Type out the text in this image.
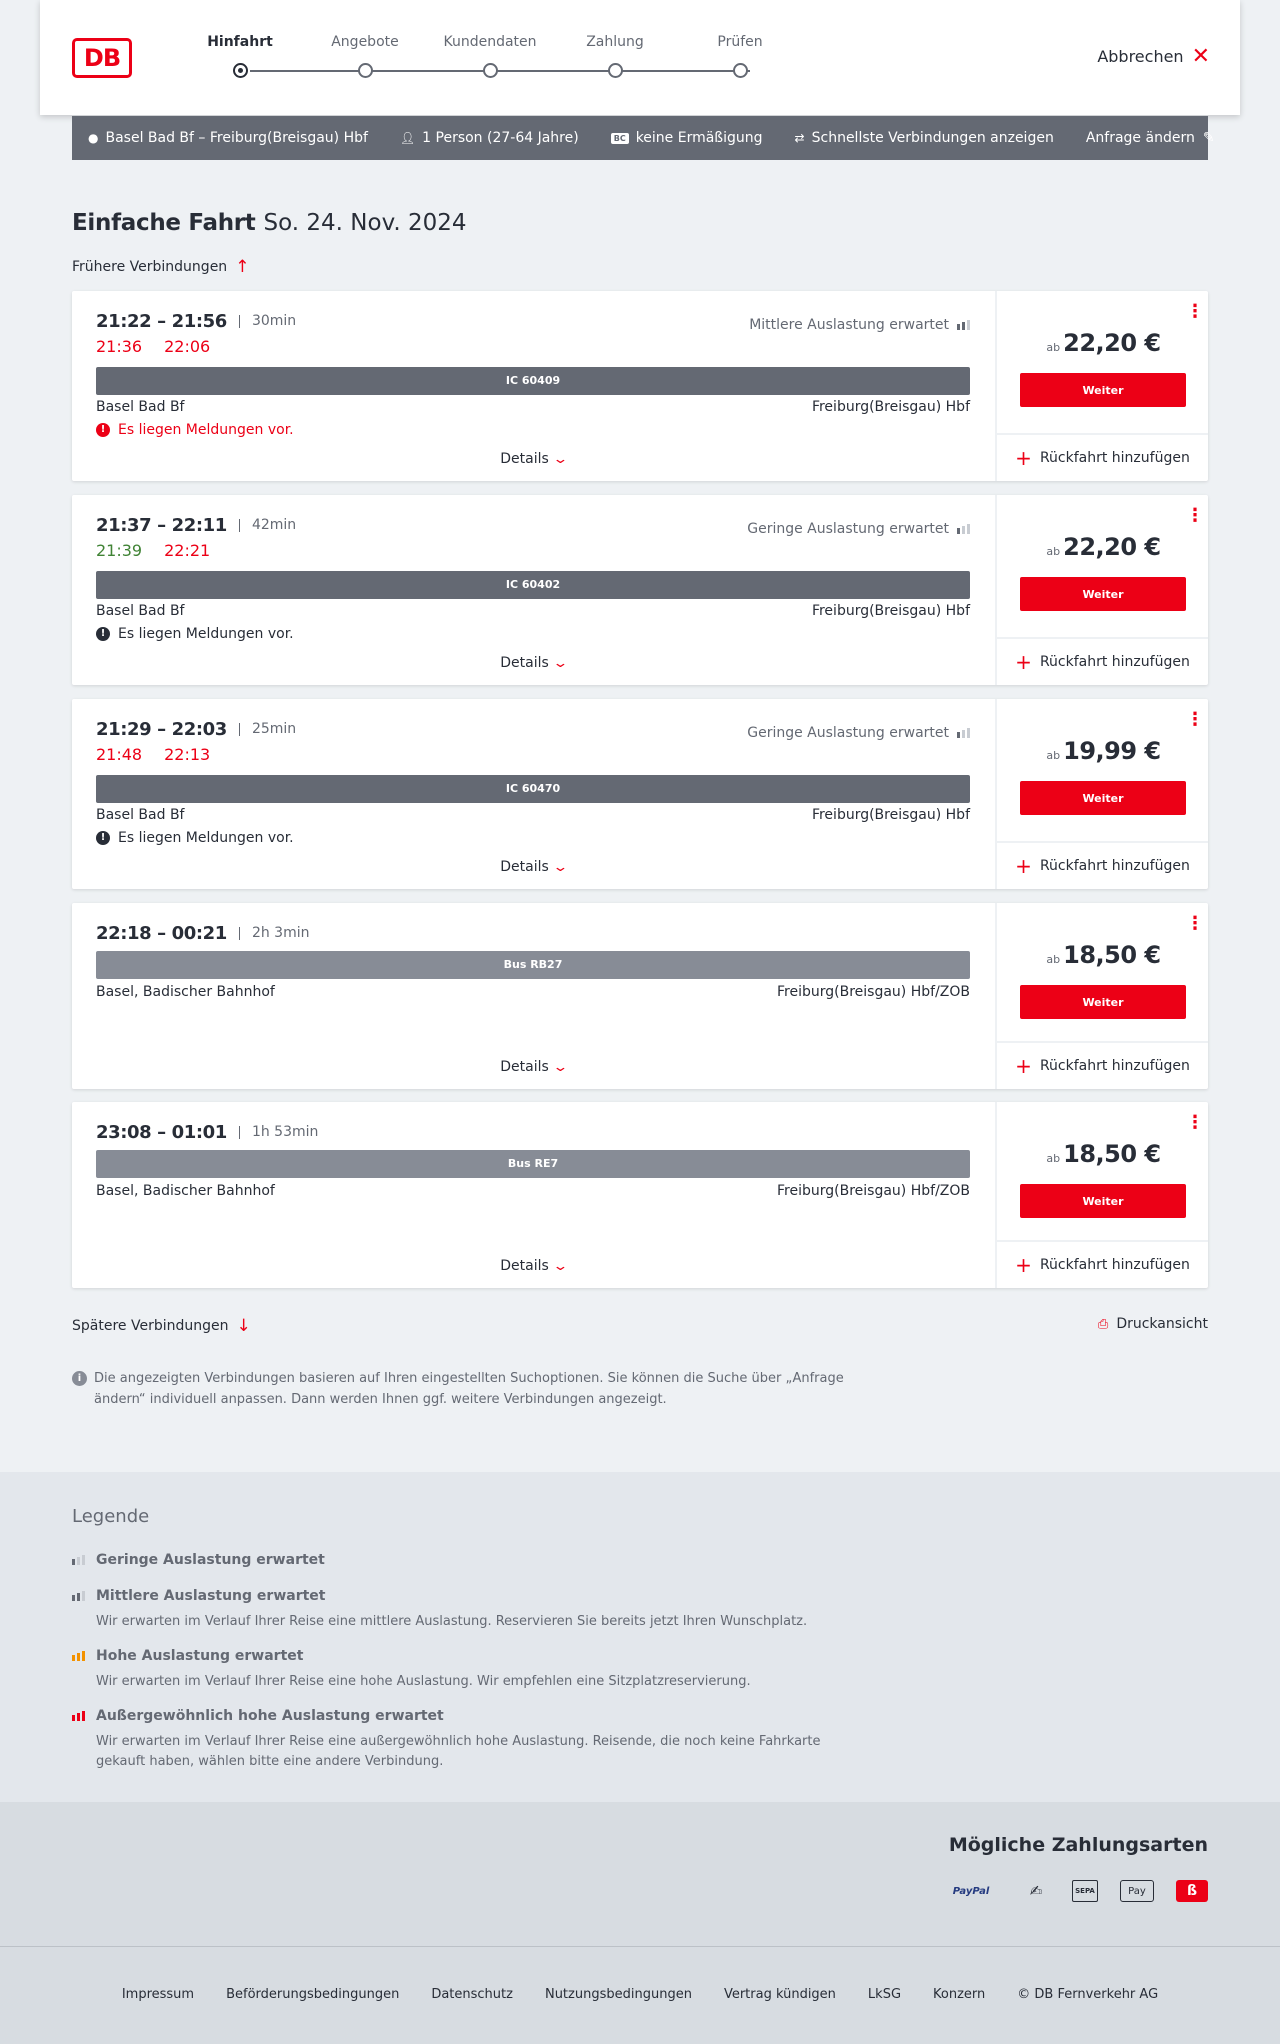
DB
Hinfahrt	Angebote	Kundendaten	Zahlung	Prüfen
Abbrechen ✕
● Basel Bad Bf – Freiburg(Breisgau) Hbf	👤︎ 1 Person (27-64 Jahre)	BC keine Ermäßigung	⇄ Schnellste Verbindungen anzeigen Anfrage ändern ✎
Einfache Fahrt So. 24. Nov. 2024
Frühere Verbindungen ↑
21:22 – 21:56	30min
21:36 22:06
Mittlere Auslastung erwartet
IC 60409
Basel Bad Bf	Freiburg(Breisgau) Hbf
! Es liegen Meldungen vor.
Details ⌄
⋮
ab 22,20 €
Weiter
+ Rückfahrt hinzufügen
21:37 – 22:11	42min
21:39 22:21
Geringe Auslastung erwartet
IC 60402
Basel Bad Bf	Freiburg(Breisgau) Hbf
! Es liegen Meldungen vor.
Details ⌄
⋮
ab 22,20 €
Weiter
+ Rückfahrt hinzufügen
21:29 – 22:03	25min
21:48 22:13
Geringe Auslastung erwartet
IC 60470
Basel Bad Bf	Freiburg(Breisgau) Hbf
! Es liegen Meldungen vor.
Details ⌄
⋮
ab 19,99 €
Weiter
+ Rückfahrt hinzufügen
22:18 – 00:21	2h 3min
Bus RB27
Basel, Badischer Bahnhof	Freiburg(Breisgau) Hbf/ZOB
Details ⌄
⋮
ab 18,50 €
Weiter
+ Rückfahrt hinzufügen
23:08 – 01:01	1h 53min
Bus RE7
Basel, Badischer Bahnhof	Freiburg(Breisgau) Hbf/ZOB
Details ⌄
⋮
ab 18,50 €
Weiter
+ Rückfahrt hinzufügen
Spätere Verbindungen ↓	⎙ Druckansicht
i Die angezeigten Verbindungen basieren auf Ihren eingestellten Suchoptionen. Sie können die Suche über „Anfrage ändern“ individuell anpassen. Dann werden Ihnen ggf. weitere Verbindungen angezeigt.
Legende
Geringe Auslastung erwartet
Mittlere Auslastung erwartet
Wir erwarten im Verlauf Ihrer Reise eine mittlere Auslastung. Reservieren Sie bereits jetzt Ihren Wunschplatz.
Hohe Auslastung erwartet
Wir erwarten im Verlauf Ihrer Reise eine hohe Auslastung. Wir empfehlen eine Sitzplatzreservierung.
Außergewöhnlich hohe Auslastung erwartet
Wir erwarten im Verlauf Ihrer Reise eine außergewöhnlich hohe Auslastung. Reisende, die noch keine Fahrkarte gekauft haben, wählen bitte eine andere Verbindung.
Mögliche Zahlungsarten
PayPal	✍	SEPA	Pay	ß
Impressum Beförderungsbedingungen Datenschutz Nutzungsbedingungen Vertrag kündigen LkSG Konzern © DB Fernverkehr AG
